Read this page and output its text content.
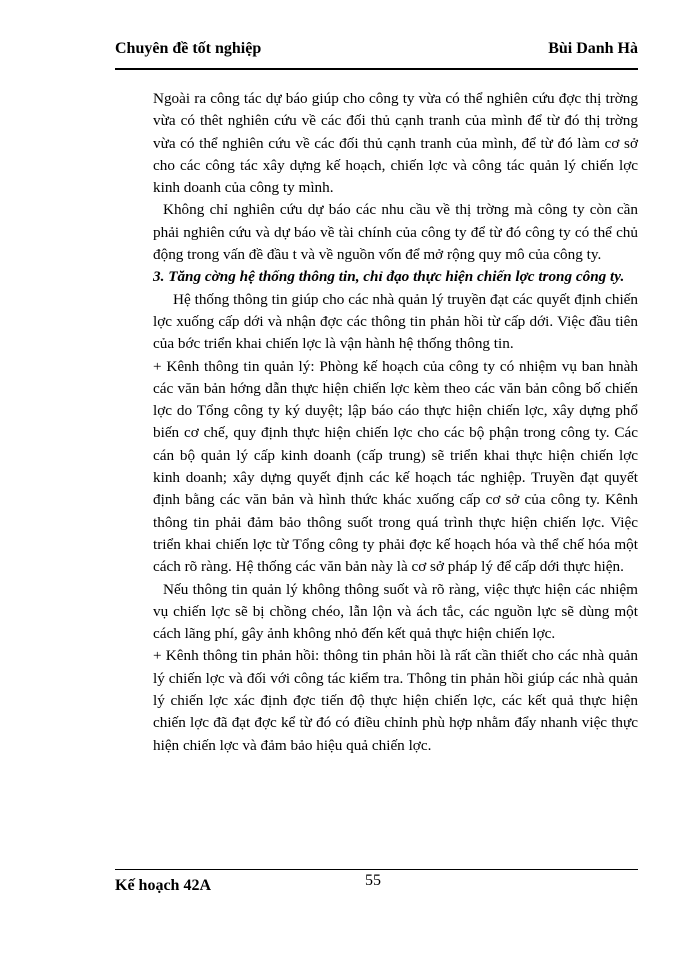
Chuyên đề tốt nghiệp	Bùi Danh Hà

Ngoài ra công tác dự báo giúp cho công ty vừa có thể nghiên cứu đợc thị trờng vừa có thêt nghiên cứu về các đối thủ cạnh tranh của mình để từ đó thị trờng vừa có thể nghiên cứu về các đối thủ cạnh tranh của mình, để từ đó làm cơ sở cho các công tác xây dựng kế hoạch, chiến lợc và công tác quản lý chiến lợc kinh doanh của công ty mình.

Không chỉ nghiên cứu dự báo các nhu cầu về thị trờng mà công ty còn cần phải nghiên cứu và dự báo về tài chính của công ty để từ đó công ty có thể chủ động trong vấn đề đầu t và về nguồn vốn để mở rộng quy mô của công ty.

3. Tăng cờng hệ thống thông tin, chỉ đạo thực hiện chiến lợc trong công ty.

Hệ thống thông tin giúp cho các nhà quản lý truyền đạt các quyết định chiến lợc xuống cấp dới và nhận đợc các thông tin phản hồi từ cấp dới. Việc đầu tiên của bớc triển khai chiến lợc là vận hành hệ thống thông tin.

+ Kênh thông tin quản lý: Phòng kế hoạch của công ty có nhiệm vụ ban hnàh các văn bản hớng dẫn thực hiện chiến lợc kèm theo các văn bản công bố chiến lợc do Tổng công ty ký duyệt; lập báo cáo thực hiện chiến lợc, xây dựng phổ biến cơ chế, quy định thực hiện chiến lợc cho các bộ phận trong công ty. Các cán bộ quản lý cấp kinh doanh (cấp trung) sẽ triển khai thực hiện chiến lợc kinh doanh; xây dựng quyết định các kế hoạch tác nghiệp. Truyền đạt quyết định bằng các văn bản và hình thức khác xuống cấp cơ sở của công ty. Kênh thông tin phải đảm bảo thông suốt trong quá trình thực hiện chiến lợc. Việc triển khai chiến lợc từ Tổng công ty phải đợc kế hoạch hóa và thể chế hóa một cách rõ ràng. Hệ thống các văn bản này là cơ sở pháp lý để cấp dới thực hiện.

Nếu thông tin quản lý không thông suốt và rõ ràng, việc thực hiện các nhiệm vụ chiến lợc sẽ bị chồng chéo, lẫn lộn và ách tắc, các nguồn lực sẽ dùng một cách lãng phí, gây ảnh không nhỏ đến kết quả thực hiện chiến lợc.

+ Kênh thông tin phản hồi: thông tin phản hồi là rất cần thiết cho các nhà quản lý chiến lợc và đối với công tác kiểm tra. Thông tin phản hồi giúp các nhà quản lý chiến lợc xác định đợc tiến độ thực hiện chiến lợc, các kết quả thực hiện chiến lợc đã đạt đợc kể từ đó có điều chỉnh phù hợp nhằm đẩy nhanh việc thực hiện chiến lợc và đảm bảo hiệu quả chiến lợc.

Kế hoạch 42A	55
